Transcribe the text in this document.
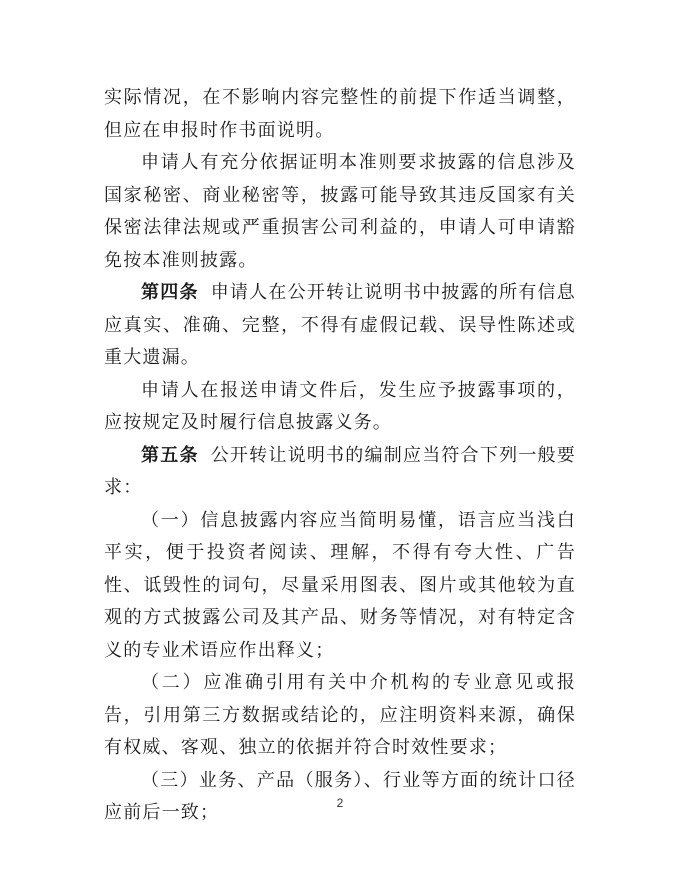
实际情况，在不影响内容完整性的前提下作适当调整，但应在申报时作书面说明。

申请人有充分依据证明本准则要求披露的信息涉及国家秘密、商业秘密等，披露可能导致其违反国家有关保密法律法规或严重损害公司利益的，申请人可申请豁免按本准则披露。

第四条 申请人在公开转让说明书中披露的所有信息应真实、准确、完整，不得有虚假记载、误导性陈述或重大遗漏。

申请人在报送申请文件后，发生应予披露事项的，应按规定及时履行信息披露义务。

第五条 公开转让说明书的编制应当符合下列一般要求：

（一）信息披露内容应当简明易懂，语言应当浅白平实，便于投资者阅读、理解，不得有夸大性、广告性、诋毁性的词句，尽量采用图表、图片或其他较为直观的方式披露公司及其产品、财务等情况，对有特定含义的专业术语应作出释义；

（二）应准确引用有关中介机构的专业意见或报告，引用第三方数据或结论的，应注明资料来源，确保有权威、客观、独立的依据并符合时效性要求；

（三）业务、产品（服务）、行业等方面的统计口径应前后一致；	2
